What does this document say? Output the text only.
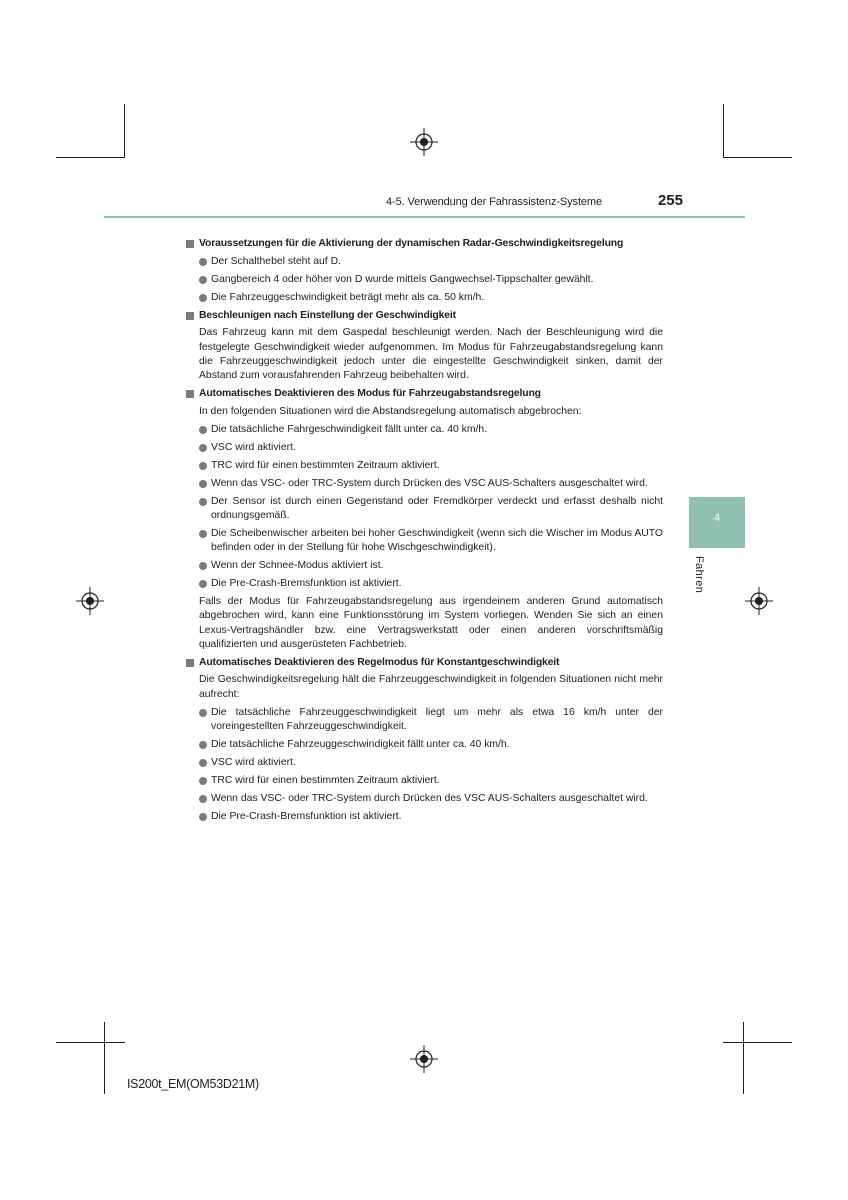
4-5. Verwendung der Fahrassistenz-Systeme	255
4
Fahren
Voraussetzungen für die Aktivierung der dynamischen Radar-Geschwindigkeitsregelung
Der Schalthebel steht auf D.
Gangbereich 4 oder höher von D wurde mittels Gangwechsel-Tippschalter gewählt.
Die Fahrzeuggeschwindigkeit beträgt mehr als ca. 50 km/h.
Beschleunigen nach Einstellung der Geschwindigkeit
Das Fahrzeug kann mit dem Gaspedal beschleunigt werden. Nach der Beschleunigung wird die festgelegte Geschwindigkeit wieder aufgenommen. Im Modus für Fahrzeugabstandsregelung kann die Fahrzeuggeschwindigkeit jedoch unter die eingestellte Geschwindigkeit sinken, damit der Abstand zum vorausfahrenden Fahrzeug beibehalten wird.
Automatisches Deaktivieren des Modus für Fahrzeugabstandsregelung
In den folgenden Situationen wird die Abstandsregelung automatisch abgebrochen:
Die tatsächliche Fahrgeschwindigkeit fällt unter ca. 40 km/h.
VSC wird aktiviert.
TRC wird für einen bestimmten Zeitraum aktiviert.
Wenn das VSC- oder TRC-System durch Drücken des VSC AUS-Schalters ausgeschaltet wird.
Der Sensor ist durch einen Gegenstand oder Fremdkörper verdeckt und erfasst deshalb nicht ordnungsgemäß.
Die Scheibenwischer arbeiten bei hoher Geschwindigkeit (wenn sich die Wischer im Modus AUTO befinden oder in der Stellung für hohe Wischgeschwindigkeit).
Wenn der Schnee-Modus aktiviert ist.
Die Pre-Crash-Bremsfunktion ist aktiviert.
Falls der Modus für Fahrzeugabstandsregelung aus irgendeinem anderen Grund automatisch abgebrochen wird, kann eine Funktionsstörung im System vorliegen. Wenden Sie sich an einen Lexus-Vertragshändler bzw. eine Vertragswerkstatt oder einen anderen vorschriftsmäßig qualifizierten und ausgerüsteten Fachbetrieb.
Automatisches Deaktivieren des Regelmodus für Konstantgeschwindigkeit
Die Geschwindigkeitsregelung hält die Fahrzeuggeschwindigkeit in folgenden Situationen nicht mehr aufrecht:
Die tatsächliche Fahrzeuggeschwindigkeit liegt um mehr als etwa 16 km/h unter der voreingestellten Fahrzeuggeschwindigkeit.
Die tatsächliche Fahrzeuggeschwindigkeit fällt unter ca. 40 km/h.
VSC wird aktiviert.
TRC wird für einen bestimmten Zeitraum aktiviert.
Wenn das VSC- oder TRC-System durch Drücken des VSC AUS-Schalters ausgeschaltet wird.
Die Pre-Crash-Bremsfunktion ist aktiviert.
IS200t_EM(OM53D21M)
